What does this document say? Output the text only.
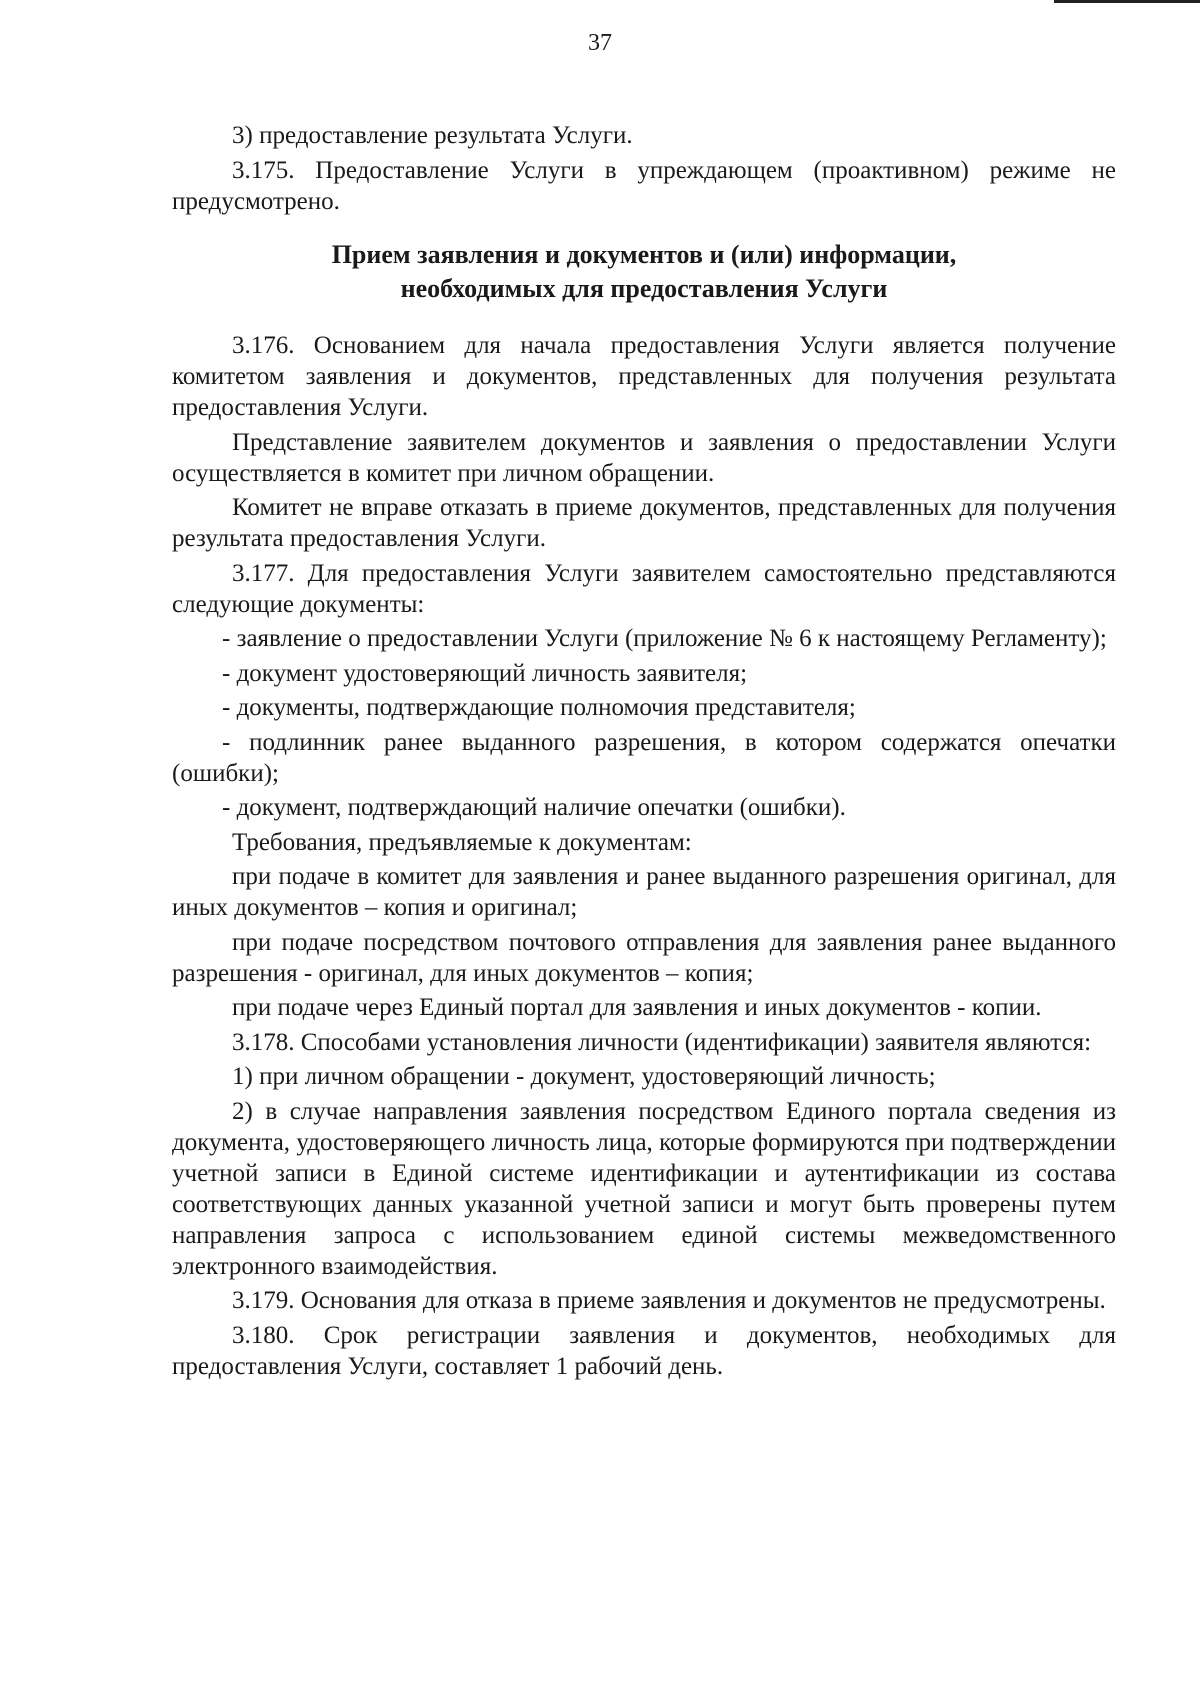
37

3) предоставление результата Услуги.

3.175. Предоставление Услуги в упреждающем (проактивном) режиме не предусмотрено.

Прием заявления и документов и (или) информации,
необходимых для предоставления Услуги

3.176. Основанием для начала предоставления Услуги является получение комитетом заявления и документов, представленных для получения результата предоставления Услуги.

Представление заявителем документов и заявления о предоставлении Услуги осуществляется в комитет при личном обращении.

Комитет не вправе отказать в приеме документов, представленных для получения результата предоставления Услуги.

3.177. Для предоставления Услуги заявителем самостоятельно представляются следующие документы:

- заявление о предоставлении Услуги (приложение № 6 к настоящему Регламенту);

- документ удостоверяющий личность заявителя;

- документы, подтверждающие полномочия представителя;

- подлинник ранее выданного разрешения, в котором содержатся опечатки (ошибки);

- документ, подтверждающий наличие опечатки (ошибки).

Требования, предъявляемые к документам:

при подаче в комитет для заявления и ранее выданного разрешения оригинал, для иных документов – копия и оригинал;

при подаче посредством почтового отправления для заявления ранее выданного разрешения - оригинал, для иных документов – копия;

при подаче через Единый портал для заявления и иных документов - копии.

3.178. Способами установления личности (идентификации) заявителя являются:

1) при личном обращении - документ, удостоверяющий личность;

2) в случае направления заявления посредством Единого портала сведения из документа, удостоверяющего личность лица, которые формируются при подтверждении учетной записи в Единой системе идентификации и аутентификации из состава соответствующих данных указанной учетной записи и могут быть проверены путем направления запроса с использованием единой системы межведомственного электронного взаимодействия.

3.179. Основания для отказа в приеме заявления и документов не предусмотрены.

3.180. Срок регистрации заявления и документов, необходимых для предоставления Услуги, составляет 1 рабочий день.
